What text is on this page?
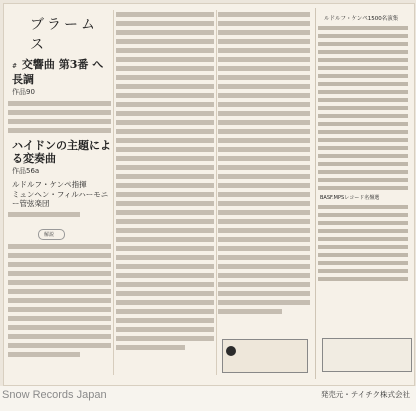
ブラームス
# 交響曲 第3番 へ長調
作品90
ハイドンの主題による変奏曲
作品56a
ルドルフ・ケンペ指揮
ミュンヘン・フィルハーモニー管弦楽団
解説　
ルドルフ・ケンペ1500名演集
BASF.MPSレコード名盤選
Snow Records Japan	発売元・テイチク株式会社
